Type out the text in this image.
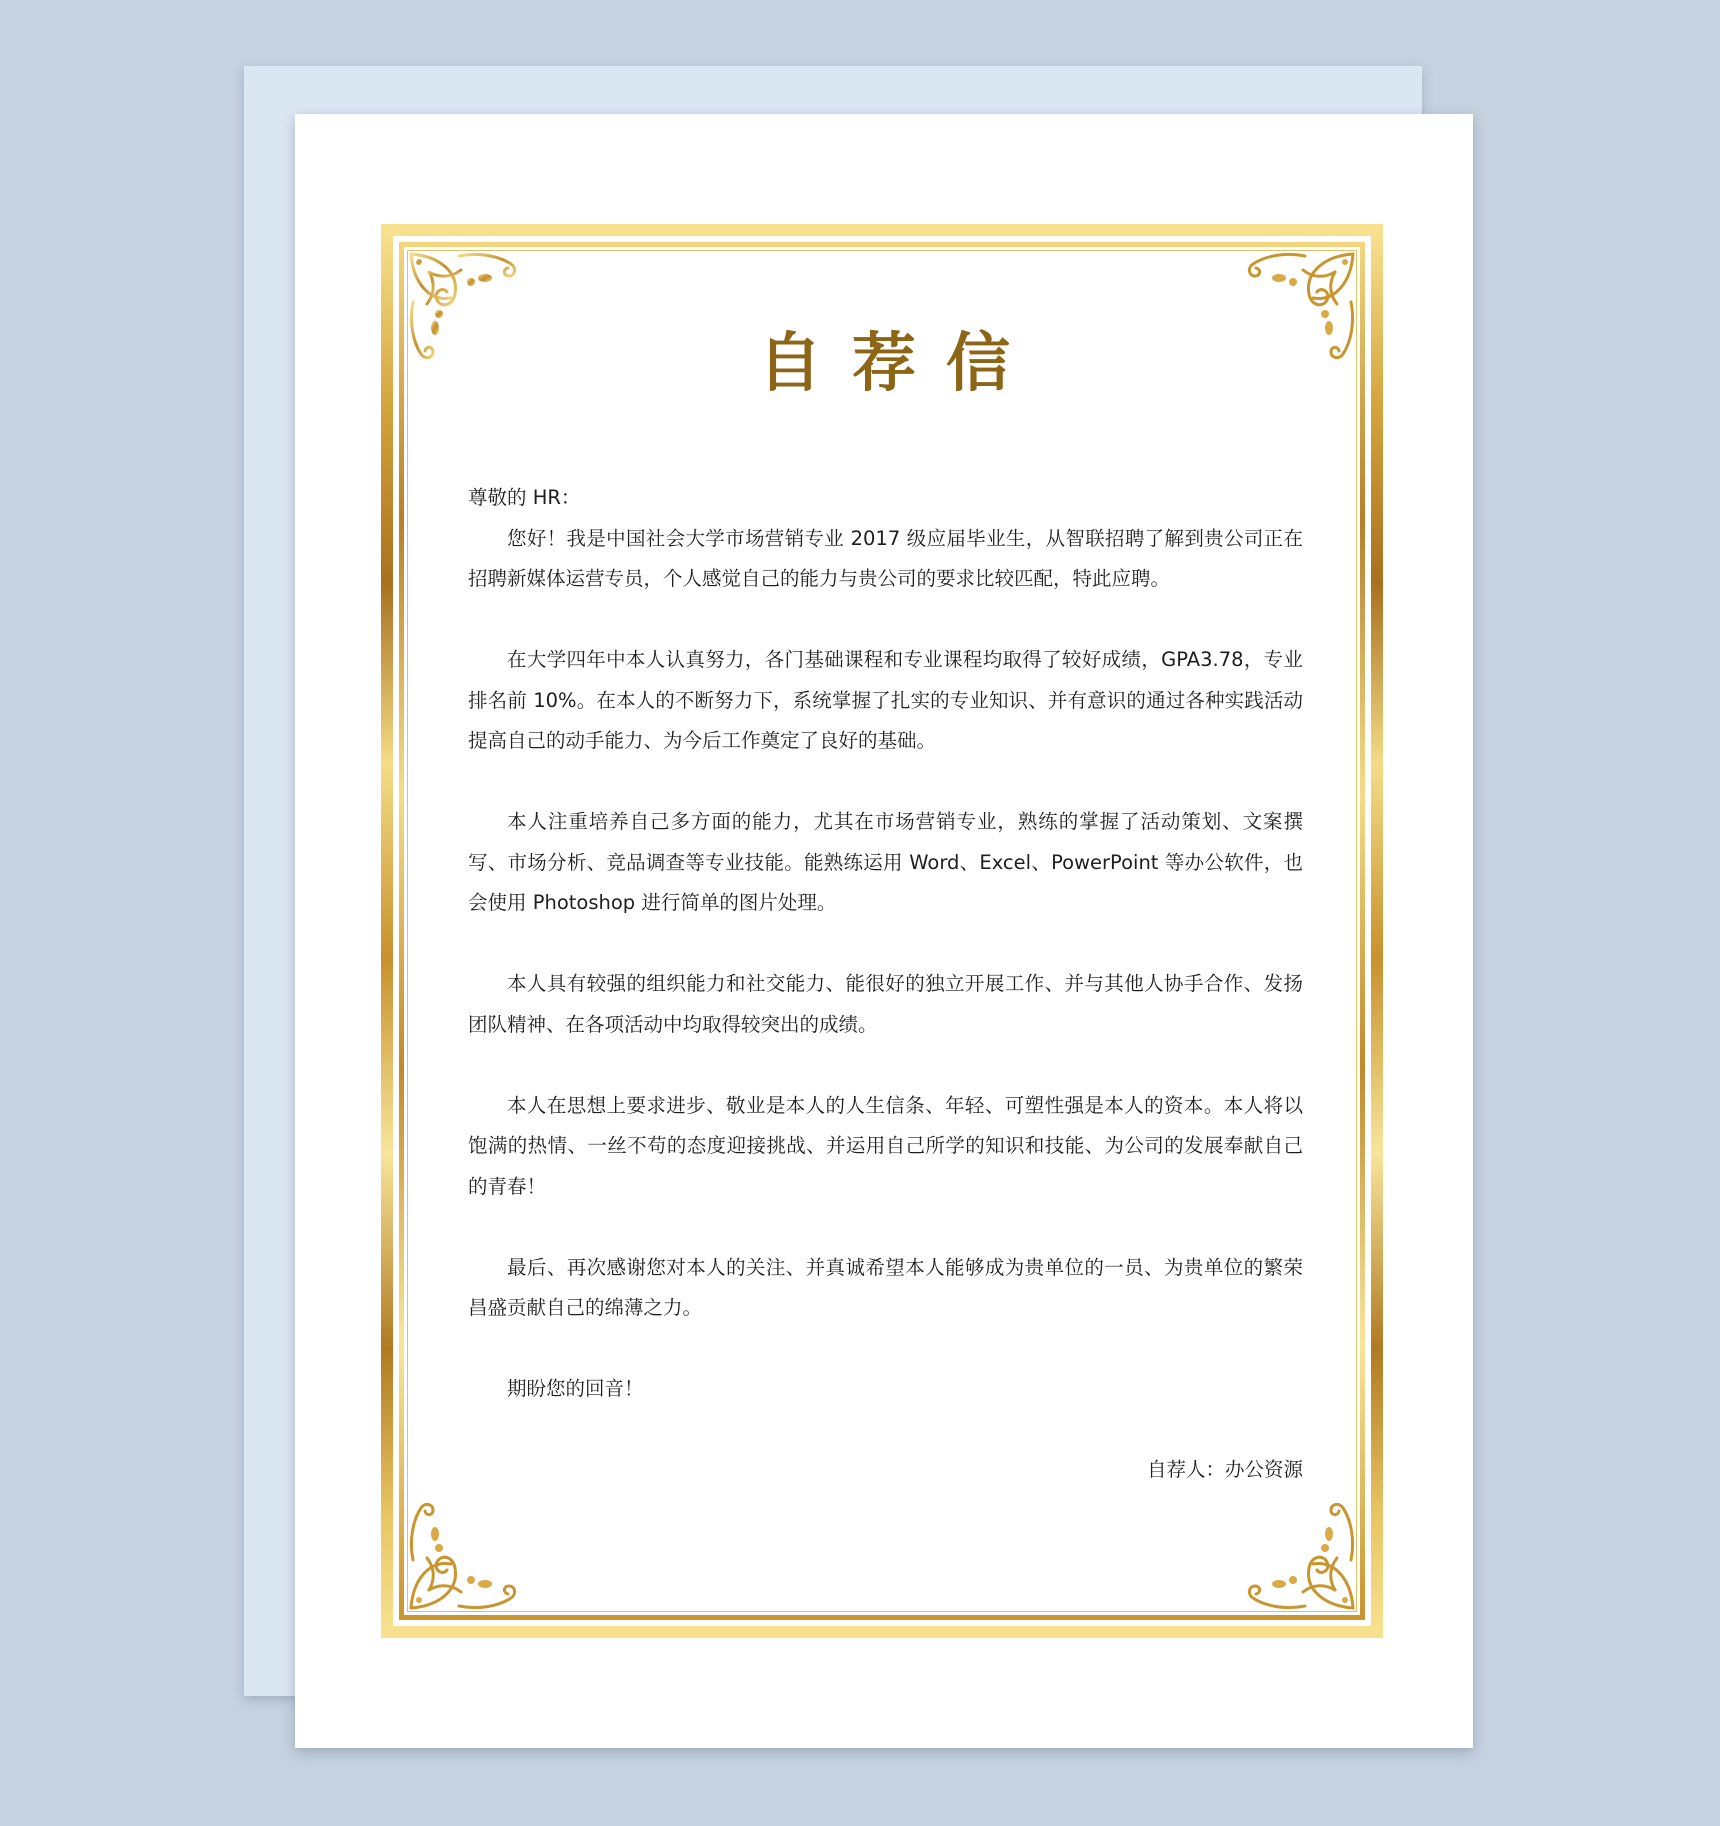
自荐信

尊敬的 HR：

您好！我是中国社会大学市场营销专业 2017 级应届毕业生，从智联招聘了解到贵公司正在招聘新媒体运营专员，个人感觉自己的能力与贵公司的要求比较匹配，特此应聘。

在大学四年中本人认真努力，各门基础课程和专业课程均取得了较好成绩，GPA3.78，专业排名前 10%。在本人的不断努力下，系统掌握了扎实的专业知识、并有意识的通过各种实践活动提高自己的动手能力、为今后工作奠定了良好的基础。

本人注重培养自己多方面的能力，尤其在市场营销专业，熟练的掌握了活动策划、文案撰写、市场分析、竞品调查等专业技能。能熟练运用 Word、Excel、PowerPoint 等办公软件，也会使用 Photoshop 进行简单的图片处理。

本人具有较强的组织能力和社交能力、能很好的独立开展工作、并与其他人协手合作、发扬团队精神、在各项活动中均取得较突出的成绩。

本人在思想上要求进步、敬业是本人的人生信条、年轻、可塑性强是本人的资本。本人将以饱满的热情、一丝不苟的态度迎接挑战、并运用自己所学的知识和技能、为公司的发展奉献自己的青春！

最后、再次感谢您对本人的关注、并真诚希望本人能够成为贵单位的一员、为贵单位的繁荣昌盛贡献自己的绵薄之力。

期盼您的回音！

自荐人：办公资源
